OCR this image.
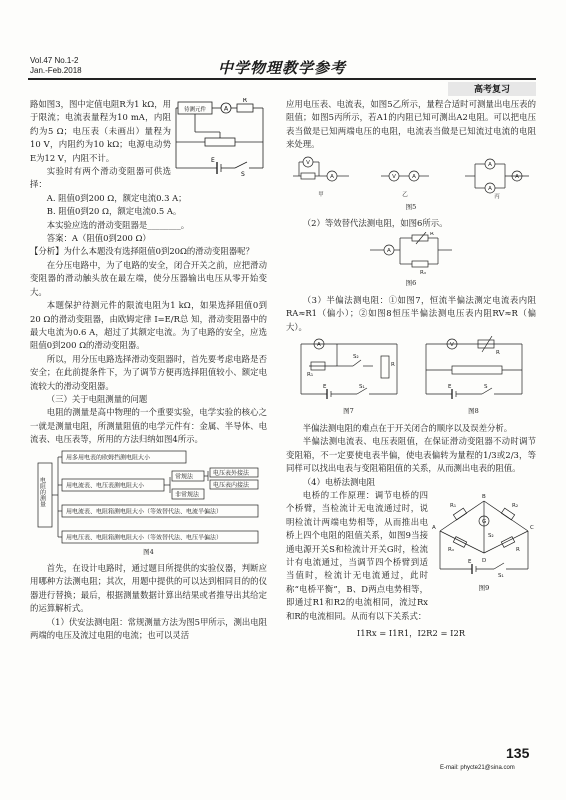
Vol.47 No.1-2
Jan.-Feb.2018	中学物理教学参考
高考复习
待测元件	A
R
E
S

路如图3，图中定值电阻R为1 kΩ，用于限流；电流表量程为10 mA，内阻约为5 Ω；电压表（未画出）量程为10 V，内阻约为10 kΩ；电源电动势E为12 V，内阻不计。

实验时有两个滑动变阻器可供选择：

A. 阻值0到200 Ω，额定电流0.3 A；

B. 阻值0到20 Ω，额定电流0.5 A。

本实验应选的滑动变阻器是________。

答案：A（阻值0到200 Ω）

【分析】为什么本题没有选择阻值0到20Ω的滑动变阻器呢？

在分压电路中，为了电路的安全，闭合开关之前，应把滑动变阻器的滑动触头放在最左端，使分压器输出电压从零开始变大。

本题保护待测元件的限流电阻为1 kΩ，如果选择阻值0到20 Ω的滑动变阻器，由欧姆定律 I=E/R总 知，滑动变阻器中的最大电流为0.6 A，超过了其额定电流。为了电路的安全，应选阻值0到200 Ω的滑动变阻器。

所以，用分压电路选择滑动变阻器时，首先要考虑电路是否安全；在此前提条件下，为了调节方便再选择阻值较小、额定电流较大的滑动变阻器。

（三）关于电阻测量的问题

电阻的测量是高中物理的一个重要实验，电学实验的核心之一就是测量电阻，所测量阻值的电学元件有：金属、半导体、电流表、电压表等，所用的方法归纳如图4所示。

电阻的测量
用多用电表的欧姆挡测电阻大小
用电流表、电压表测电阻大小
常规法
非常规法
电压表外接法
电压表内接法
用电流表、电阻箱测电阻大小（等效替代法、电流半偏法）
用电压表、电阻箱测电阻大小（等效替代法、电压半偏法）
图4

首先，在设计电路时，通过题目所提供的实验仪器，判断应用哪种方法测电阻；其次，用题中提供的可以达到相同目的的仪器进行替换；最后，根据测量数据计算出结果或者推导出其给定的运算解析式。

（1）伏安法测电阻：常规测量方法为图5甲所示，测出电阻两端的电压及流过电阻的电流；也可以灵活

应用电压表、电流表，如图5乙所示，量程合适时可测量出电压表的阻值；如图5丙所示，若A1的内阻已知可测出A2电阻。可以把电压表当做是已知两端电压的电阻，电流表当做是已知流过电流的电阻来处理。

A
V
V	A
A
A
A
甲	乙	丙
图5

（2）等效替代法测电阻，如图6所示。

A
R
Rₓ
图6

（3）半偏法测电阻：①如图7，恒流半偏法测定电流表内阻RA≈R1（偏小）；②如图8恒压半偏法测电压表内阻RV≈R（偏大）。

A
R₁
S₂
E	S₁
R
图7
V
R
E	S
图8

半偏法测电阻的难点在于开关闭合的顺序以及误差分析。

半偏法测电流表、电压表阻值，在保证滑动变阻器不动时调节变阻箱，不一定要使电表半偏，使电表偏转为量程的1/3或2/3，等同样可以找出电表与变阻箱阻值的关系，从而测出电表的阻值。

（4）电桥法测电阻

G
B
D
A	C
R₁	R₂
Rₓ	R
S₂
E
S₁
图9

电桥的工作原理：调节电桥的四个桥臂，当检流计无电流通过时，说明检流计两端电势相等，从而推出电桥上四个电阻的阻值关系，如图9当接通电源开关S和检流计开关G时，检流计有电流通过，当调节四个桥臂到适当值时，检流计无电流通过，此时称“电桥平衡”，B、D两点电势相等，即通过R1和R2的电流相同，流过Rx和R的电流相同。从而有以下关系式：

I1Rx = I1R1，I2R2 = I2R

135
E-mail: phycte21@sina.com
